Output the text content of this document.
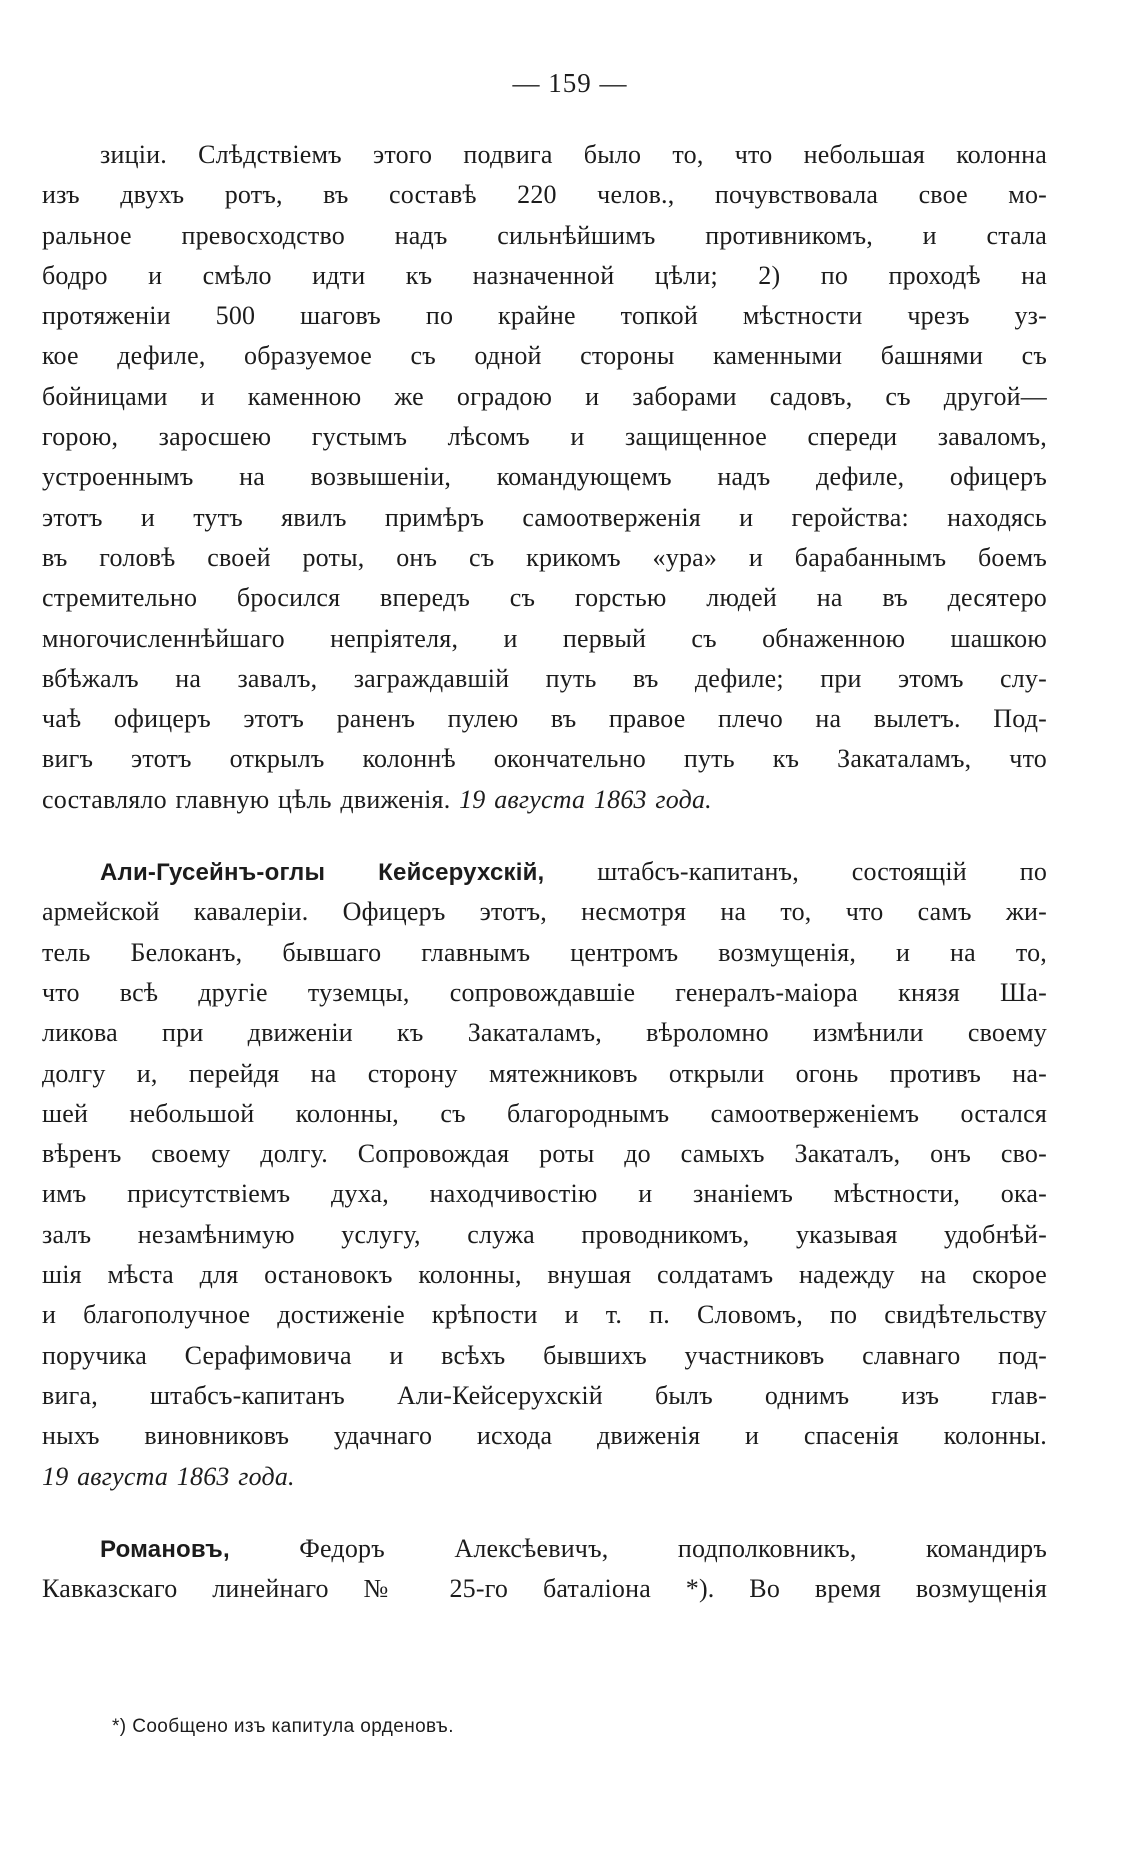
— 159 —
зиціи. Слѣдствіемъ этого подвига было то, что небольшая колонна
изъ двухъ ротъ, въ составѣ 220 челов., почувствовала свое мо-
ральное превосходство надъ сильнѣйшимъ противникомъ, и стала
бодро и смѣло идти къ назначенной цѣли; 2) по проходѣ на
протяженіи 500 шаговъ по крайне топкой мѣстности чрезъ уз-
кое дефиле, образуемое съ одной стороны каменными башнями съ
бойницами и каменною же оградою и заборами садовъ, съ другой—
горою, заросшею густымъ лѣсомъ и защищенное спереди заваломъ,
устроеннымъ на возвышеніи, командующемъ надъ дефиле, офицеръ
этотъ и тутъ явилъ примѣръ самоотверженія и геройства: находясь
въ головѣ своей роты, онъ съ крикомъ «ура» и барабаннымъ боемъ
стремительно бросился впередъ съ горстью людей на въ десятеро
многочисленнѣйшаго непріятеля, и первый съ обнаженною шашкою
вбѣжалъ на завалъ, заграждавшій путь въ дефиле; при этомъ слу-
чаѣ офицеръ этотъ раненъ пулею въ правое плечо на вылетъ. Под-
вигъ этотъ открылъ колоннѣ окончательно путь къ Закаталамъ, что
составляло главную цѣль движенія. 19 августа 1863 года.
Али-Гусейнъ-оглы Кейсерухскій, штабсъ-капитанъ, состоящій по
армейской кавалеріи. Офицеръ этотъ, несмотря на то, что самъ жи-
тель Белоканъ, бывшаго главнымъ центромъ возмущенія, и на то,
что всѣ другіе туземцы, сопровождавшіе генералъ-маіора князя Ша-
ликова при движеніи къ Закаталамъ, вѣроломно измѣнили своему
долгу и, перейдя на сторону мятежниковъ открыли огонь противъ на-
шей небольшой колонны, съ благороднымъ самоотверженіемъ остался
вѣренъ своему долгу. Сопровождая роты до самыхъ Закаталъ, онъ сво-
имъ присутствіемъ духа, находчивостію и знаніемъ мѣстности, ока-
залъ незамѣнимую услугу, служа проводникомъ, указывая удобнѣй-
шія мѣста для остановокъ колонны, внушая солдатамъ надежду на скорое
и благополучное достиженіе крѣпости и т. п. Словомъ, по свидѣтельству
поручика Серафимовича и всѣхъ бывшихъ участниковъ славнаго под-
вига, штабсъ-капитанъ Али-Кейсерухскій былъ однимъ изъ глав-
ныхъ виновниковъ удачнаго исхода движенія и спасенія колонны.
19 августа 1863 года.
Романовъ,	Федоръ Алексѣевичъ, подполковникъ, командиръ
Кавказскаго линейнаго № 25-го баталіона *). Во время возмущенія
*) Сообщено изъ капитула орденовъ.
